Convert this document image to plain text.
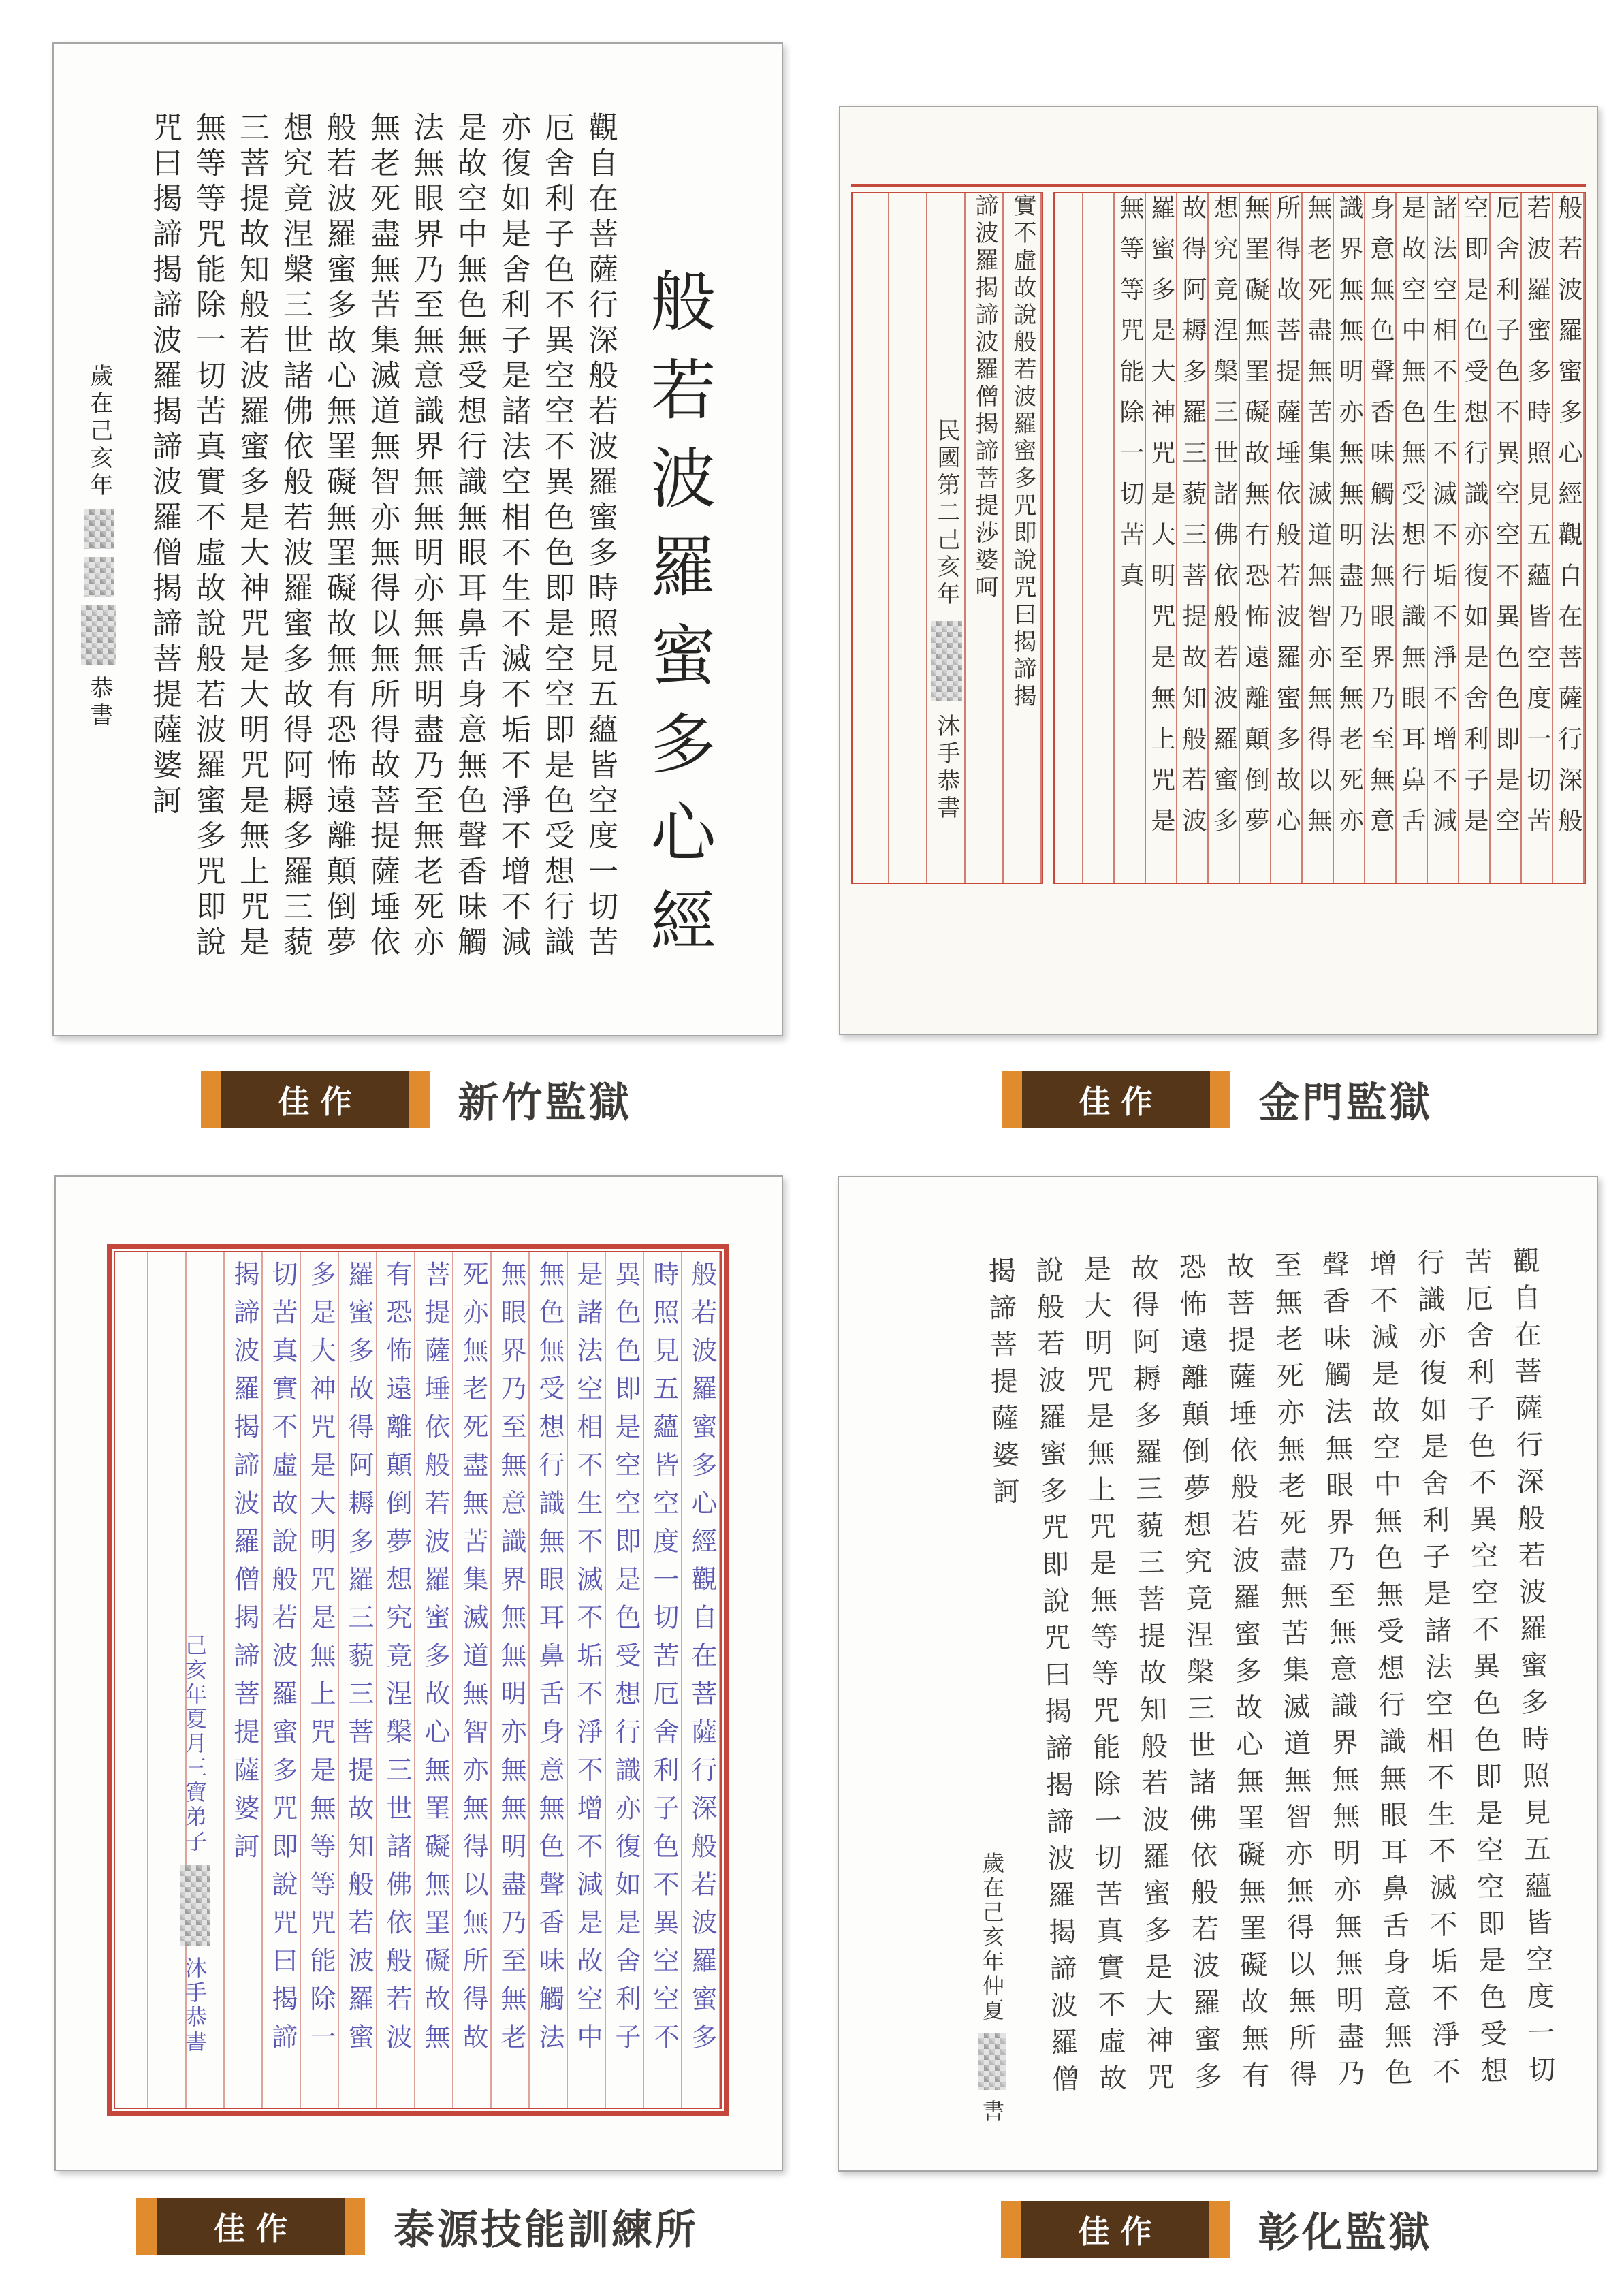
觀自在菩薩行深般若波羅蜜多時照見五蘊皆空度一切苦厄舍利子色不異空空不異色色即是空空即是色受想行識亦復如是舍利子是諸法空相不生不滅不垢不淨不增不減是故空中無色無受想行識無眼耳鼻舌身意無色聲香味觸法無眼界乃至無意識界無無明亦無無明盡乃至無老死亦無老死盡無苦集滅道無智亦無得以無所得故菩提薩埵依般若波羅蜜多故心無罣礙無罣礙故無有恐怖遠離顛倒夢想究竟涅槃三世諸佛依般若波羅蜜多故得阿耨多羅三藐三菩提故知般若波羅蜜多是大神咒是大明咒是無上咒是無等等咒能除一切苦真實不虛故說般若波羅蜜多咒即說咒曰揭諦揭諦波羅揭諦波羅僧揭諦菩提薩婆訶	般若波羅蜜多心經
歲在己亥年恭書	實不虛故說般若波羅蜜多咒即說咒曰揭諦揭
諦波羅揭諦波羅僧揭諦菩提莎婆呵
民國第二己亥年沐手恭書	般若波羅蜜多心經觀自在菩薩行深般若波羅蜜多時照見五蘊皆空度一切苦厄舍利子色不異空空不異色色即是空空即是色受想行識亦復如是舍利子是諸法空相不生不滅不垢不淨不增不減是故空中無色無受想行識無眼耳鼻舌身意無色聲香味觸法無眼界乃至無意識界無無明亦無無明盡乃至無老死亦無老死盡無苦集滅道無智亦無得以無所得故菩提薩埵依般若波羅蜜多故心無罣礙無罣礙故無有恐怖遠離顛倒夢想究竟涅槃三世諸佛依般若波羅蜜多故得阿耨多羅三藐三菩提故知般若波羅蜜多是大神咒是大明咒是無上咒是無等等咒能除一切苦真
般若波羅蜜多心經觀自在菩薩行深般若波羅蜜多時照見五蘊皆空度一切苦厄舍利子色不異空空不異色色即是空空即是色受想行識亦復如是舍利子是諸法空相不生不滅不垢不淨不增不減是故空中無色無受想行識無眼耳鼻舌身意無色聲香味觸法無眼界乃至無意識界無無明亦無無明盡乃至無老死亦無老死盡無苦集滅道無智亦無得以無所得故菩提薩埵依般若波羅蜜多故心無罣礙無罣礙故無有恐怖遠離顛倒夢想究竟涅槃三世諸佛依般若波羅蜜多故得阿耨多羅三藐三菩提故知般若波羅蜜多是大神咒是大明咒是無上咒是無等等咒能除一切苦真實不虛故說般若波羅蜜多咒即說咒曰揭諦揭諦波羅揭諦波羅僧揭諦菩提薩婆訶
己亥年夏月三寶弟子沐手恭書	觀自在菩薩行深般若波羅蜜多時照見五蘊皆空度一切苦厄舍利子色不異空空不異色色即是空空即是色受想行識亦復如是舍利子是諸法空相不生不滅不垢不淨不增不減是故空中無色無受想行識無眼耳鼻舌身意無色聲香味觸法無眼界乃至無意識界無無明亦無無明盡乃至無老死亦無老死盡無苦集滅道無智亦無得以無所得故菩提薩埵依般若波羅蜜多故心無罣礙無罣礙故無有恐怖遠離顛倒夢想究竟涅槃三世諸佛依般若波羅蜜多故得阿耨多羅三藐三菩提故知般若波羅蜜多是大神咒是大明咒是無上咒是無等等咒能除一切苦真實不虛故說般若波羅蜜多咒即說咒曰揭諦揭諦波羅揭諦波羅僧揭諦菩提薩婆訶
歲在己亥年仲夏書
佳作	新竹監獄	佳作	金門監獄
佳作	泰源技能訓練所	佳作	彰化監獄
